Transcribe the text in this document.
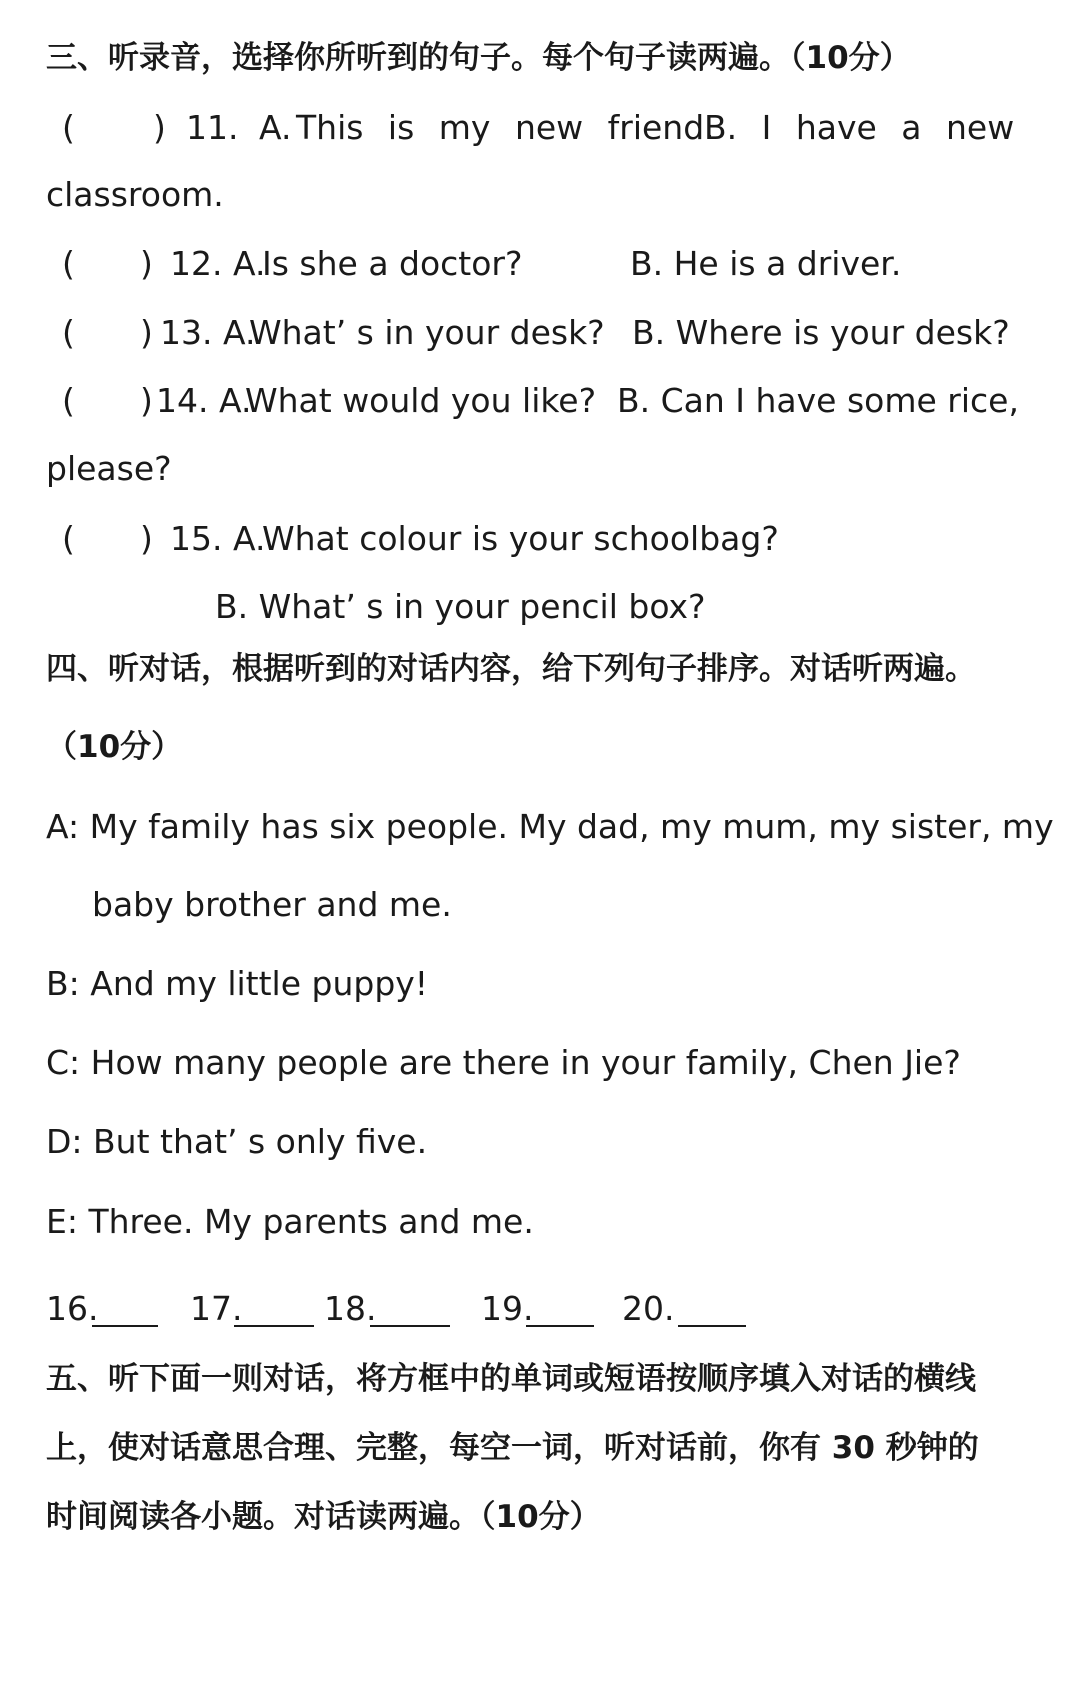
三、听录音，选择你所听到的句子。每个句子读两遍。（10分）
( ) 11. A. This is my new friend.
B. I have a new
classroom.
( ) 12. A.
Is she a doctor?	B. He is a driver.
( ) 13. A.
What’ s in your desk? B. Where is your desk?
( ) 14. A.
What would you like? B. Can I have some rice,
please?
( ) 15. A.
What colour is your schoolbag?
B. What’ s in your pencil box?
四、听对话，根据听到的对话内容，给下列句子排序。对话听两遍。
（10分）
A: My family has six people. My dad, my mum, my sister, my
baby brother and me.
B: And my little puppy!
C: How many people are there in your family, Chen Jie?
D: But that’ s only five.
E: Three. My parents and me.
16.	17. 18.	19.	20.
五、听下面一则对话，将方框中的单词或短语按顺序填入对话的横线
上，使对话意思合理、完整，每空一词，听对话前，你有 30 秒钟的
时间阅读各小题。对话读两遍。（10分）
